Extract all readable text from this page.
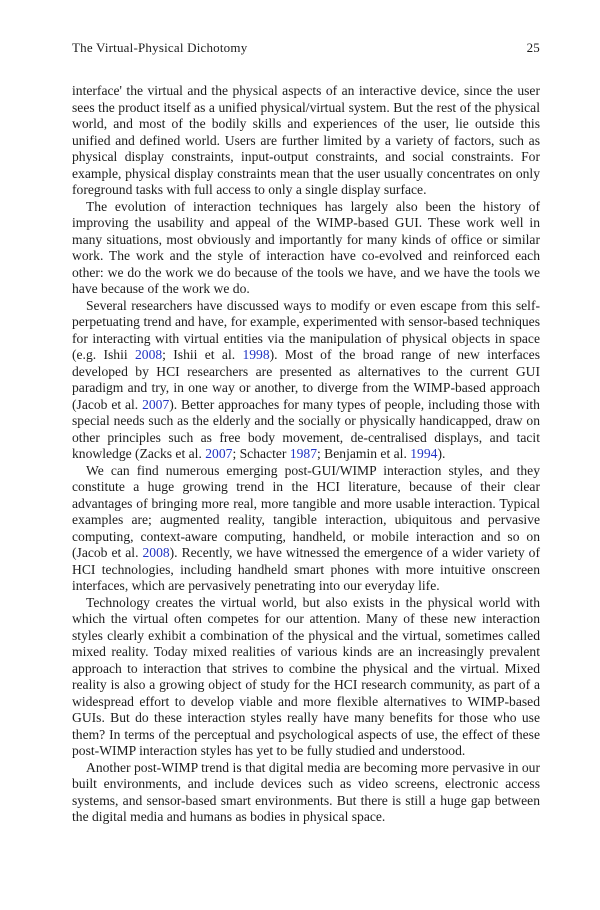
The Virtual-Physical Dichotomy	25

interface' the virtual and the physical aspects of an interactive device, since the user sees the product itself as a unified physical/virtual system. But the rest of the physical world, and most of the bodily skills and experiences of the user, lie outside this unified and defined world. Users are further limited by a variety of factors, such as physical display constraints, input-output constraints, and social constraints. For example, physical display constraints mean that the user usually concentrates on only foreground tasks with full access to only a single display surface.

The evolution of interaction techniques has largely also been the history of improving the usability and appeal of the WIMP-based GUI. These work well in many situations, most obviously and importantly for many kinds of office or similar work. The work and the style of interaction have co-evolved and reinforced each other: we do the work we do because of the tools we have, and we have the tools we have because of the work we do.

Several researchers have discussed ways to modify or even escape from this self-perpetuating trend and have, for example, experimented with sensor-based techniques for interacting with virtual entities via the manipulation of physical objects in space (e.g. Ishii 2008; Ishii et al. 1998). Most of the broad range of new interfaces developed by HCI researchers are presented as alternatives to the current GUI paradigm and try, in one way or another, to diverge from the WIMP-based approach (Jacob et al. 2007). Better approaches for many types of people, including those with special needs such as the elderly and the socially or physically handicapped, draw on other principles such as free body movement, de-centralised displays, and tacit knowledge (Zacks et al. 2007; Schacter 1987; Benjamin et al. 1994).

We can find numerous emerging post-GUI/WIMP interaction styles, and they constitute a huge growing trend in the HCI literature, because of their clear advantages of bringing more real, more tangible and more usable interaction. Typical examples are; augmented reality, tangible interaction, ubiquitous and pervasive computing, context-aware computing, handheld, or mobile interaction and so on (Jacob et al. 2008). Recently, we have witnessed the emergence of a wider variety of HCI technologies, including handheld smart phones with more intuitive onscreen interfaces, which are pervasively penetrating into our everyday life.

Technology creates the virtual world, but also exists in the physical world with which the virtual often competes for our attention. Many of these new interaction styles clearly exhibit a combination of the physical and the virtual, sometimes called mixed reality. Today mixed realities of various kinds are an increasingly prevalent approach to interaction that strives to combine the physical and the virtual. Mixed reality is also a growing object of study for the HCI research community, as part of a widespread effort to develop viable and more flexible alternatives to WIMP-based GUIs. But do these interaction styles really have many benefits for those who use them? In terms of the perceptual and psychological aspects of use, the effect of these post-WIMP interaction styles has yet to be fully studied and understood.

Another post-WIMP trend is that digital media are becoming more pervasive in our built environments, and include devices such as video screens, electronic access systems, and sensor-based smart environments. But there is still a huge gap between the digital media and humans as bodies in physical space.
